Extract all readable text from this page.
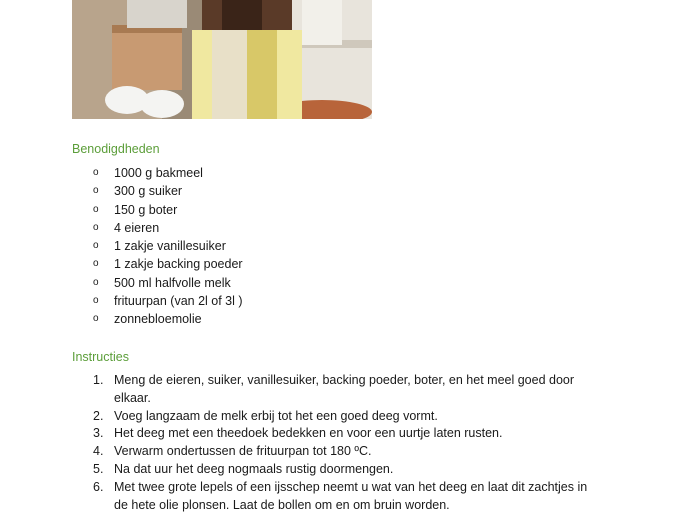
Benodigdheden
o 1000 g bakmeel
o 300 g suiker
o 150 g boter
o 4 eieren
o 1 zakje vanillesuiker
o 1 zakje backing poeder
o 500 ml halfvolle melk
o frituurpan (van 2l of 3l )
o zonnebloemolie
Instructies
1. Meng de eieren, suiker, vanillesuiker, backing poeder, boter, en het meel goed door elkaar.
2. Voeg langzaam de melk erbij tot het een goed deeg vormt.
3. Het deeg met een theedoek bedekken en voor een uurtje laten rusten.
4. Verwarm ondertussen de frituurpan tot 180 ºC.
5. Na dat uur het deeg nogmaals rustig doormengen.
6. Met twee grote lepels of een ijsschep neemt u wat van het deeg en laat dit zachtjes in de hete olie plonsen. Laat de bollen om en om bruin worden.
